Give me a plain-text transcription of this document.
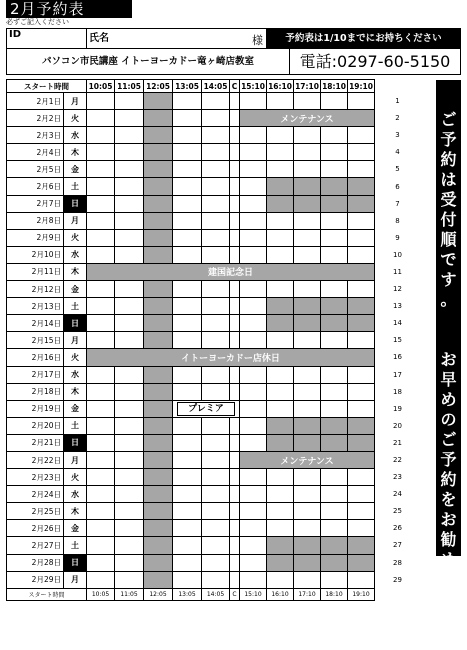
2月予約表
必ずご記入ください
ID	氏名	様	予約表は1/10までにお持ちください
パソコン市民講座 イトーヨーカドー竜ヶ崎店教室	電話:0297-60-5150
スタート時間		10:05	11:05	12:05	13:05	14:05	C	15:10	16:10	17:10	18:10	19:10		
2月1日	月													1
2月2日	火							メンテナンス						2
2月3日	水													3
2月4日	木													4
2月5日	金													5
2月6日	土													6
2月7日	日													7
2月8日	月													8
2月9日	火													9
2月10日	水													10
2月11日	木	建国記念日												11
2月12日	金													12
2月13日	土													13
2月14日	日													14
2月15日	月													15
2月16日	火	イトーヨーカドー店休日												16
2月17日	水													17
2月18日	木													18
2月19日	金				プレミア									19
2月20日	土													20
2月21日	日													21
2月22日	月							メンテナンス						22
2月23日	火													23
2月24日	水													24
2月25日	木													25
2月26日	金													26
2月27日	土													27
2月28日	日													28
2月29日	月													29
スタート時間		10:05	11:05	12:05	13:05	14:05	C	15:10	16:10	17:10	18:10	19:10		
ご
予
約
は
受
付
順
で
す
。
お
早
め
の
ご
予
約
を
お
勧
め
し
ま
す
。
